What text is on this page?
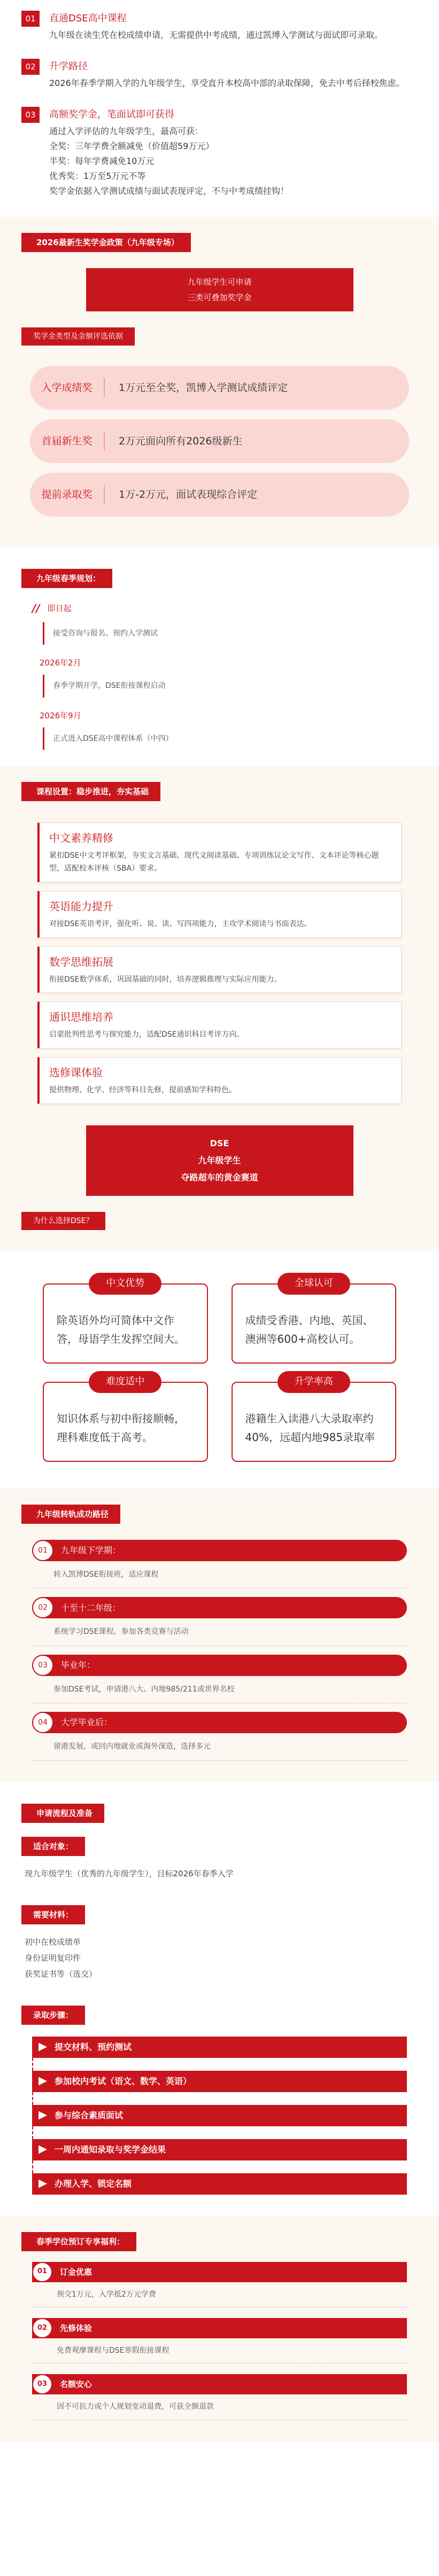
01	直通DSE高中课程
九年级在读生凭在校成绩申请，无需提供中考成绩，通过凯博入学测试与面试即可录取。
02	升学路径
2026年春季学期入学的九年级学生，享受直升本校高中部的录取保障，免去中考后择校焦虑。
03	高额奖学金，笔面试即可获得
通过入学评估的九年级学生，最高可获：
全奖：三年学费全额减免（价值超59万元）
半奖：每年学费减免10万元
优秀奖：1万至5万元不等
奖学金依据入学测试成绩与面试表现评定，不与中考成绩挂钩！
2026最新生奖学金政策（九年级专场）
九年级学生可申请
三类可叠加奖学金
奖学金类型及金额评选依据
入学成绩奖	1万元至全奖，凯博入学测试成绩评定
首届新生奖	2万元面向所有2026级新生
提前录取奖	1万-2万元，面试表现综合评定
九年级春季规划：
// 即日起
接受咨询与报名、预约入学测试
2026年2月
春季学期开学，DSE衔接课程启动
2026年9月
正式进入DSE高中课程体系（中四）
课程设置：稳步推进，夯实基础
中文素养精修
紧扣DSE中文考评框架，夯实文言基础、现代文阅读基础、专项训练议论文写作、文本评论等核心题型，适配校本评核（SBA）要求。
英语能力提升
对接DSE英语考评，强化听、说、读、写四项能力，主攻学术阅读与书面表达。
数学思维拓展
衔接DSE数学体系，巩固基础的同时，培养逻辑推理与实际应用能力。
通识思维培养
启蒙批判性思考与探究能力，适配DSE通识科目考评方向。
选修课体验
提供物理、化学、经济等科目先修，提前感知学科特色。
DSE
九年级学生
夺路超车的黄金赛道
为什么选择DSE？
中文优势
除英语外均可简体中文作答，母语学生发挥空间大。
全球认可
成绩受香港、内地、英国、澳洲等600+高校认可。
难度适中
知识体系与初中衔接顺畅，理科难度低于高考。
升学率高
港籍生入读港八大录取率约40%，远超内地985录取率
九年级转轨成功路径
01	九年级下学期：
转入凯博DSE衔接班，适应课程
02	十至十二年级：
系统学习DSE课程，参加各类竞赛与活动
03	毕业年：
参加DSE考试，申请港八大、内地985/211或世界名校
04	大学毕业后：
留港发展，或回内地就业或海外深造，选择多元
申请流程及准备
适合对象：
现九年级学生（优秀的九年级学生），目标2026年春季入学
需要材料：
初中在校成绩单
身份证明复印件
获奖证书等（选交）
录取步骤：
提交材料、预约测试
参加校内考试（语文、数学、英语）
参与综合素质面试
一周内通知录取与奖学金结果
办理入学、锁定名额
春季学位预订专享福利：
01	订金优惠
预交1万元，入学抵2万元学费
02	先修体验
免费观摩课程与DSE寒假衔接课程
03	名额安心
因不可抗力或个人规划变动退费，可获全额退款
